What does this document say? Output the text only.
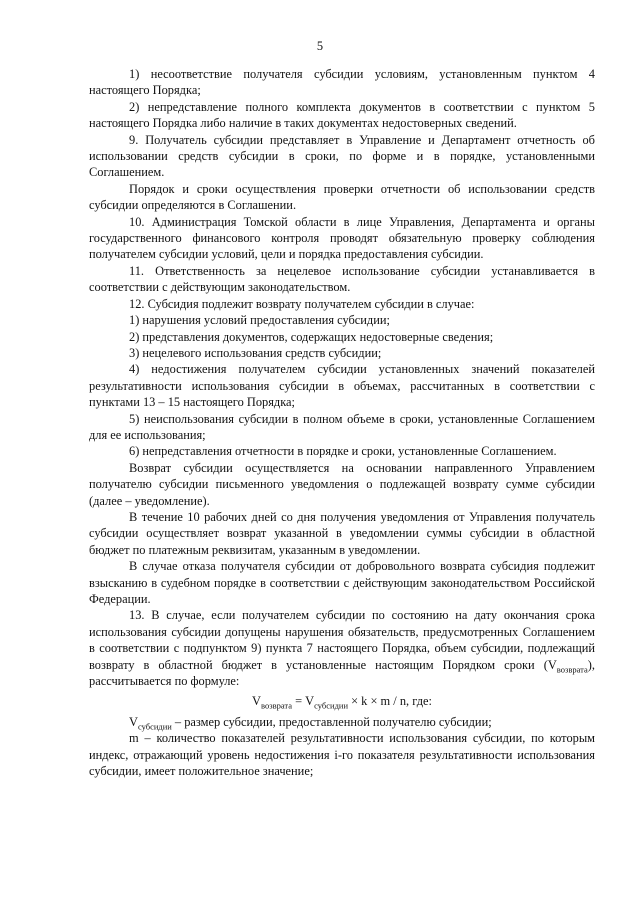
5

1) несоответствие получателя субсидии условиям, установленным пунктом 4 настоящего Порядка;

2) непредставление полного комплекта документов в соответствии с пунктом 5 настоящего Порядка либо наличие в таких документах недостоверных сведений.

9. Получатель субсидии представляет в Управление и Департамент отчетность об использовании средств субсидии в сроки, по форме и в порядке, установленными Соглашением.

Порядок и сроки осуществления проверки отчетности об использовании средств субсидии определяются в Соглашении.

10. Администрация Томской области в лице Управления, Департамента и органы государственного финансового контроля проводят обязательную проверку соблюдения получателем субсидии условий, цели и порядка предоставления субсидии.

11. Ответственность за нецелевое использование субсидии устанавливается в соответствии с действующим законодательством.

12. Субсидия подлежит возврату получателем субсидии в случае:

1) нарушения условий предоставления субсидии;

2) представления документов, содержащих недостоверные сведения;

3) нецелевого использования средств субсидии;

4) недостижения получателем субсидии установленных значений показателей результативности использования субсидии в объемах, рассчитанных в соответствии с пунктами 13 – 15 настоящего Порядка;

5) неиспользования субсидии в полном объеме в сроки, установленные Соглашением для ее использования;

6) непредставления отчетности в порядке и сроки, установленные Соглашением.

Возврат субсидии осуществляется на основании направленного Управлением получателю субсидии письменного уведомления о подлежащей возврату сумме субсидии (далее – уведомление).

В течение 10 рабочих дней со дня получения уведомления от Управления получатель субсидии осуществляет возврат указанной в уведомлении суммы субсидии в областной бюджет по платежным реквизитам, указанным в уведомлении.

В случае отказа получателя субсидии от добровольного возврата субсидия подлежит взысканию в судебном порядке в соответствии с действующим законодательством Российской Федерации.

13. В случае, если получателем субсидии по состоянию на дату окончания срока использования субсидии допущены нарушения обязательств, предусмотренных Соглашением в соответствии с подпунктом 9) пункта 7 настоящего Порядка, объем субсидии, подлежащий возврату в областной бюджет в установленные настоящим Порядком сроки $(V_{возврата})$, рассчитывается по формуле:

$V_{возврата} = V_{субсидии} \times k \times m / n$, где:

$V_{субсидии}$ – размер субсидии, предоставленной получателю субсидии;

m – количество показателей результативности использования субсидии, по которым индекс, отражающий уровень недостижения i-го показателя результативности использования субсидии, имеет положительное значение;
